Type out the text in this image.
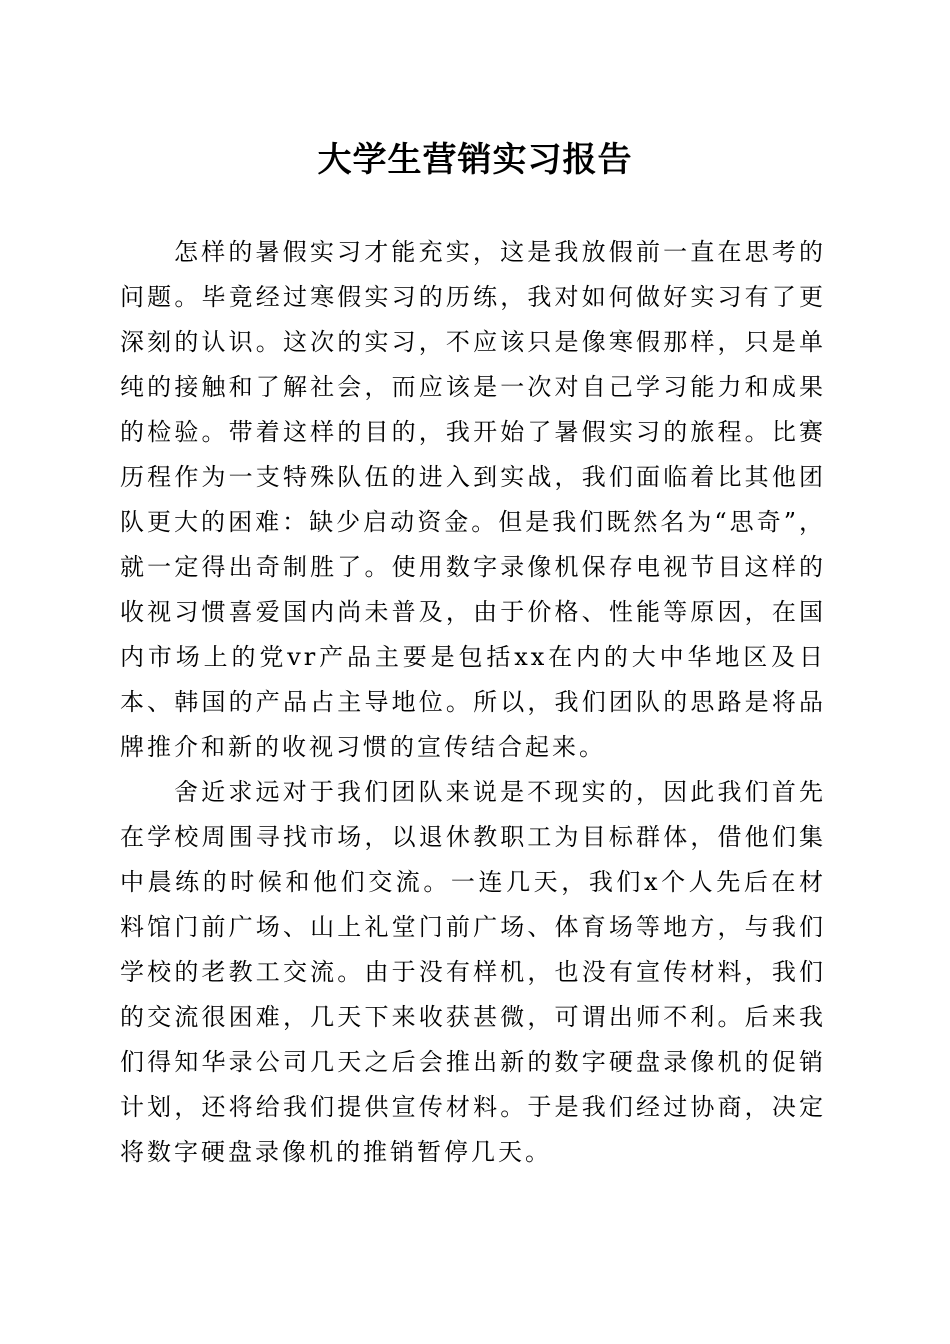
大学生营销实习报告

怎样的暑假实习才能充实，这是我放假前一直在思考的问题。毕竟经过寒假实习的历练，我对如何做好实习有了更深刻的认识。这次的实习，不应该只是像寒假那样，只是单纯的接触和了解社会，而应该是一次对自己学习能力和成果的检验。带着这样的目的，我开始了暑假实习的旅程。比赛历程作为一支特殊队伍的进入到实战，我们面临着比其他团队更大的困难：缺少启动资金。但是我们既然名为“思奇”，就一定得出奇制胜了。使用数字录像机保存电视节目这样的收视习惯喜爱国内尚未普及，由于价格、性能等原因，在国内市场上的党vr产品主要是包括xx在内的大中华地区及日本、韩国的产品占主导地位。所以，我们团队的思路是将品牌推介和新的收视习惯的宣传结合起来。

舍近求远对于我们团队来说是不现实的，因此我们首先在学校周围寻找市场，以退休教职工为目标群体，借他们集中晨练的时候和他们交流。一连几天，我们x个人先后在材料馆门前广场、山上礼堂门前广场、体育场等地方，与我们学校的老教工交流。由于没有样机，也没有宣传材料，我们的交流很困难，几天下来收获甚微，可谓出师不利。后来我们得知华录公司几天之后会推出新的数字硬盘录像机的促销计划，还将给我们提供宣传材料。于是我们经过协商，决定将数字硬盘录像机的推销暂停几天。
